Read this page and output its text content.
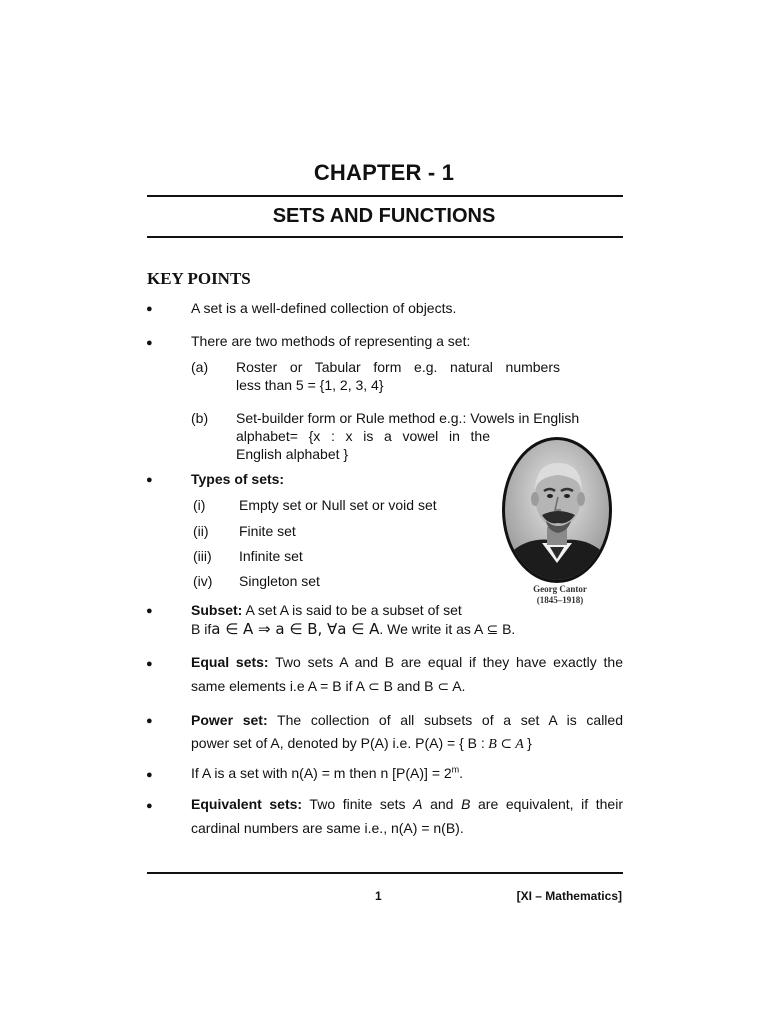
CHAPTER - 1
SETS AND FUNCTIONS
KEY POINTS
●	A set is a well-defined collection of objects.
●	There are two methods of representing a set:
(a) Roster or Tabular form e.g. natural numbers
less than 5 = {1, 2, 3, 4}
(b) Set-builder form or Rule method e.g.: Vowels in English
alphabet= {x : x is a vowel in the
English alphabet }
●	Types of sets:
(i) Empty set or Null set or void set
(ii) Finite set
(iii) Infinite set
(iv) Singleton set	Georg Cantor
(1845–1918)
●	Subset: A set A is said to be a subset of set
B ifa ∈ A ⇒ a ∈ B, ∀a ∈ A. We write it as A ⊆ B.
●	Equal sets: Two sets A and B are equal if they have exactly the
same elements i.e A = B if A ⊂ B and B ⊂ A.
●	Power set: The collection of all subsets of a set A is called
power set of A, denoted by P(A) i.e. P(A) = { B : B ⊂ A }
●	If A is a set with n(A) = m then n $[P(A)] = 2^m$.
●	Equivalent sets: Two finite sets A and B are equivalent, if their
cardinal numbers are same i.e., n(A) = n(B).
1	[XI – Mathematics]
